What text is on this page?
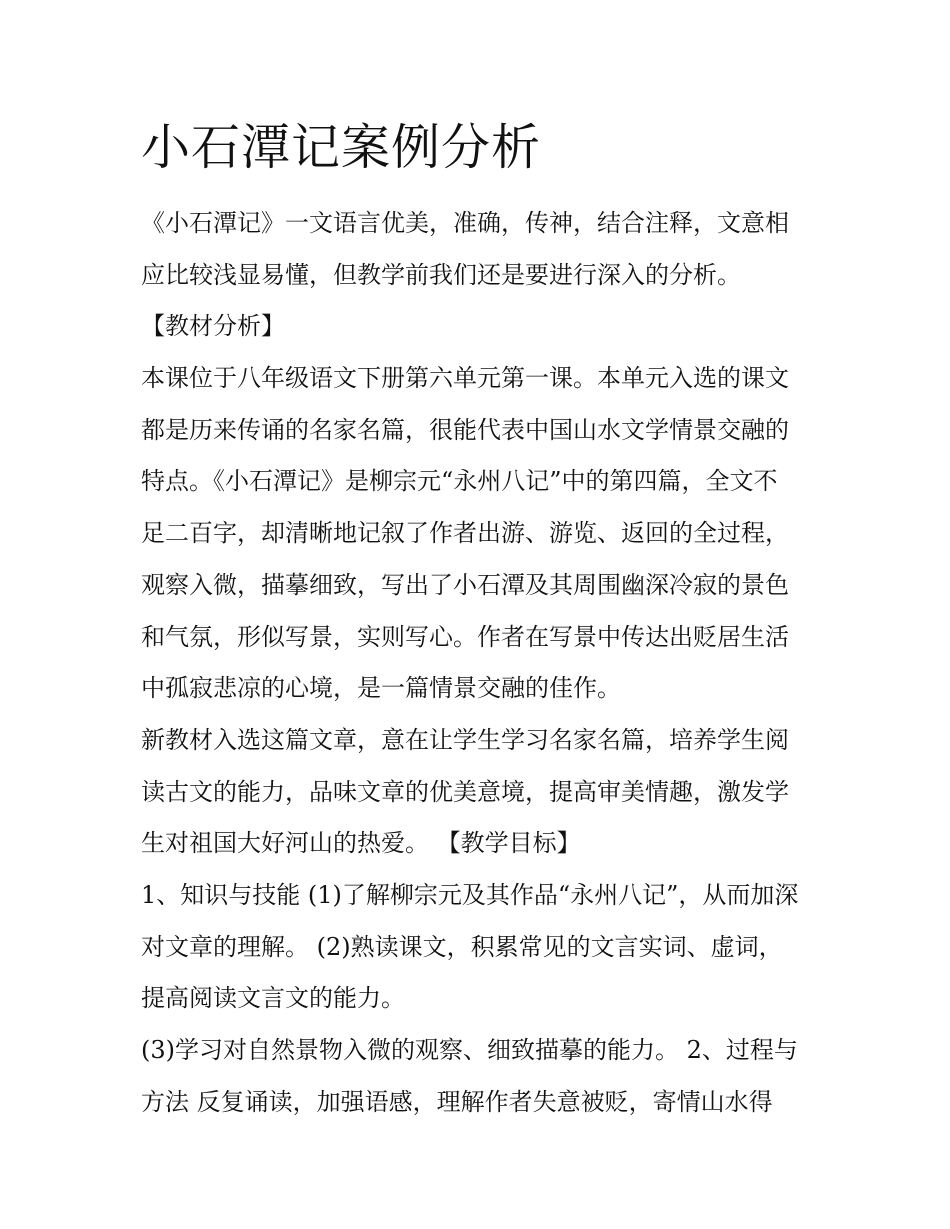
小石潭记案例分析
《小石潭记》一文语言优美，准确，传神，结合注释，文意相
应比较浅显易懂，但教学前我们还是要进行深入的分析。
【教材分析】
本课位于八年级语文下册第六单元第一课。本单元入选的课文
都是历来传诵的名家名篇，很能代表中国山水文学情景交融的
特点。《小石潭记》是柳宗元“永州八记”中的第四篇，全文不
足二百字，却清晰地记叙了作者出游、游览、返回的全过程，
观察入微，描摹细致，写出了小石潭及其周围幽深冷寂的景色
和气氛，形似写景，实则写心。作者在写景中传达出贬居生活
中孤寂悲凉的心境，是一篇情景交融的佳作。
新教材入选这篇文章，意在让学生学习名家名篇，培养学生阅
读古文的能力，品味文章的优美意境，提高审美情趣，激发学
生对祖国大好河山的热爱。 【教学目标】
1、知识与技能 (1)了解柳宗元及其作品“永州八记”，从而加深
对文章的理解。 (2)熟读课文，积累常见的文言实词、虚词，
提高阅读文言文的能力。
(3)学习对自然景物入微的观察、细致描摹的能力。 2、过程与
方法 反复诵读，加强语感，理解作者失意被贬，寄情山水得
